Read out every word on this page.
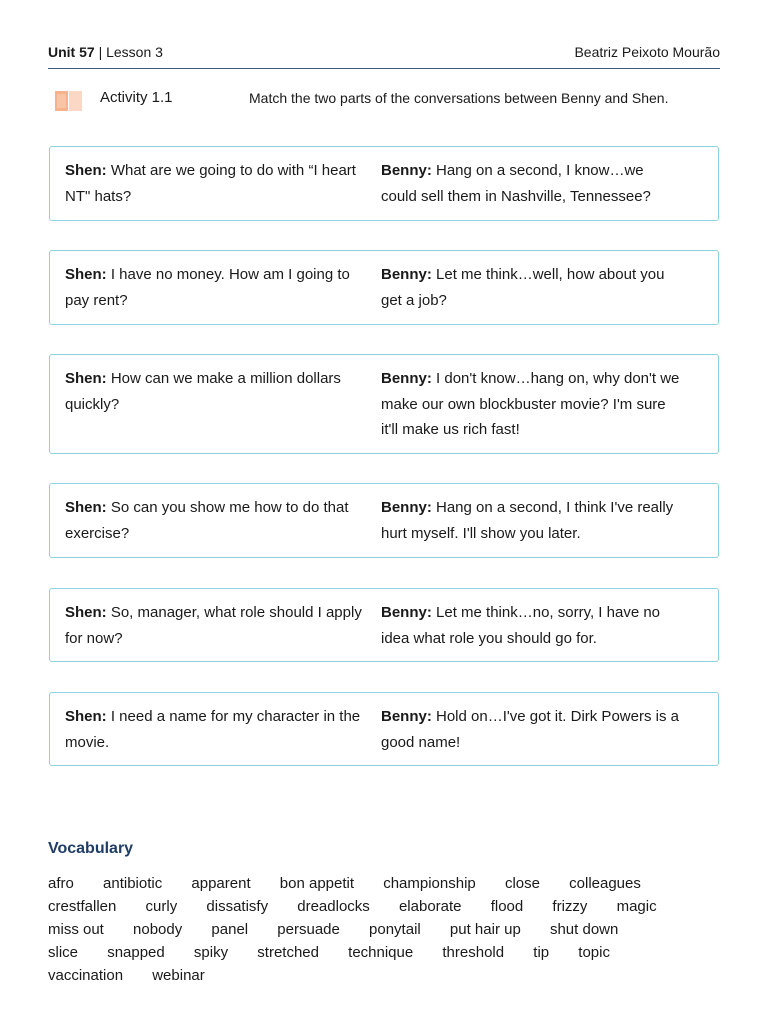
Unit 57 | Lesson 3	Beatriz Peixoto Mourão
Activity 1.1	Match the two parts of the conversations between Benny and Shen.
Shen: What are we going to do with “I heart NT" hats?
Benny: Hang on a second, I know…we could sell them in Nashville, Tennessee?
Shen: I have no money. How am I going to pay rent?
Benny: Let me think…well, how about you get a job?
Shen: How can we make a million dollars quickly?
Benny: I don't know…hang on, why don't we make our own blockbuster movie? I'm sure it'll make us rich fast!
Shen: So can you show me how to do that exercise?
Benny: Hang on a second, I think I've really hurt myself. I'll show you later.
Shen: So, manager, what role should I apply for now?
Benny: Let me think…no, sorry, I have no idea what role you should go for.
Shen: I need a name for my character in the movie.
Benny: Hold on…I've got it. Dirk Powers is a good name!
Vocabulary
afro antibiotic apparent bon appetit championship close colleagues
crestfallen curly dissatisfy dreadlocks elaborate flood frizzy magic
miss out nobody panel persuade ponytail put hair up shut down
slice snapped spiky stretched technique threshold tip topic
vaccination webinar
